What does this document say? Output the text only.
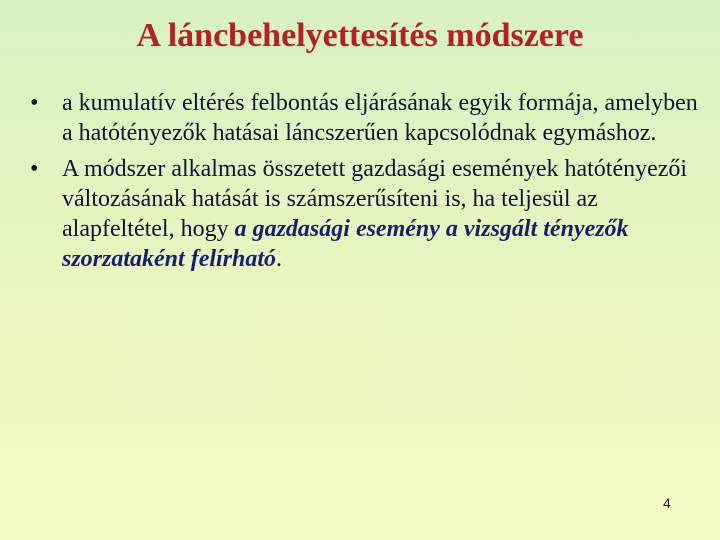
A láncbehelyettesítés módszere
• a kumulatív eltérés felbontás eljárásának egyik formája, amelyben a hatótényezők hatásai láncszerűen kapcsolódnak egymáshoz.
• A módszer alkalmas összetett gazdasági események hatótényezői változásának hatását is számszerűsíteni is, ha teljesül az alapfeltétel, hogy a gazdasági esemény a vizsgált tényezők szorzataként felírható.
4
